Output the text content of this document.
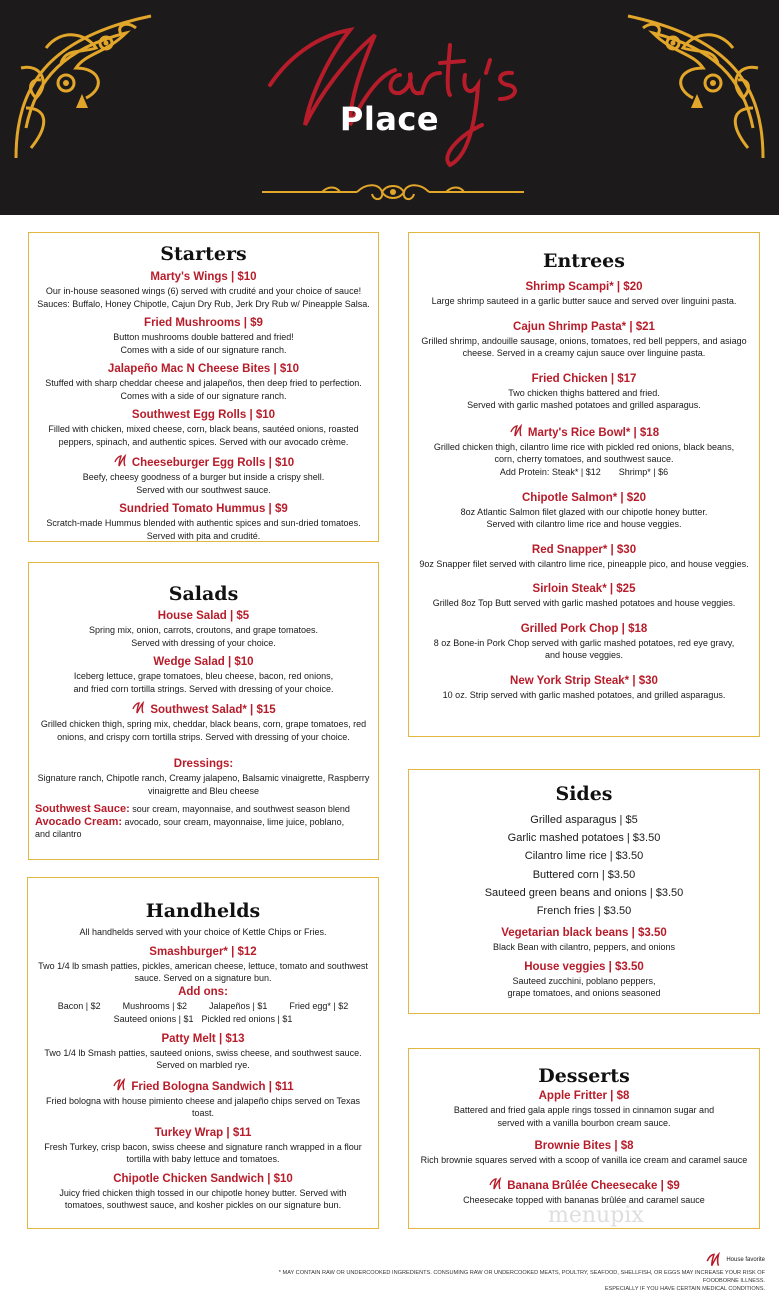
Place
Starters
Marty's Wings | $10
Our in-house seasoned wings (6) served with crudité and your choice of sauce!
Sauces: Buffalo, Honey Chipotle, Cajun Dry Rub, Jerk Dry Rub w/ Pineapple Salsa.
Fried Mushrooms | $9
Button mushrooms double battered and fried!
Comes with a side of our signature ranch.
Jalapeño Mac N Cheese Bites | $10
Stuffed with sharp cheddar cheese and jalapeños, then deep fried to perfection.
Comes with a side of our signature ranch.
Southwest Egg Rolls | $10
Filled with chicken, mixed cheese, corn, black beans, sautéed onions, roasted
peppers, spinach, and authentic spices. Served with our avocado crème.
Cheeseburger Egg Rolls | $10
Beefy, cheesy goodness of a burger but inside a crispy shell.
Served with our southwest sauce.
Sundried Tomato Hummus | $9
Scratch-made Hummus blended with authentic spices and sun-dried tomatoes.
Served with pita and crudité.
Salads
House Salad | $5
Spring mix, onion, carrots, croutons, and grape tomatoes.
Served with dressing of your choice.
Wedge Salad | $10
Iceberg lettuce, grape tomatoes, bleu cheese, bacon, red onions,
and fried corn tortilla strings. Served with dressing of your choice.
Southwest Salad* | $15
Grilled chicken thigh, spring mix, cheddar, black beans, corn, grape tomatoes, red
onions, and crispy corn tortilla strips. Served with dressing of your choice.
Dressings:
Signature ranch, Chipotle ranch, Creamy jalapeno, Balsamic vinaigrette, Raspberry
vinaigrette and Bleu cheese
Southwest Sauce: sour cream, mayonnaise, and southwest season blend
Avocado Cream: avocado, sour cream, mayonnaise, lime juice, poblano,
and cilantro
Handhelds
All handhelds served with your choice of Kettle Chips or Fries.
Smashburger* | $12
Two 1/4 lb smash patties, pickles, american cheese, lettuce, tomato and southwest
sauce. Served on a signature bun.
Add ons:
Bacon | $2 Mushrooms | $2 Jalapeños | $1 Fried egg* | $2
Sauteed onions | $1 Pickled red onions | $1
Patty Melt | $13
Two 1/4 lb Smash patties, sauteed onions, swiss cheese, and southwest sauce.
Served on marbled rye.
Fried Bologna Sandwich | $11
Fried bologna with house pimiento cheese and jalapeño chips served on Texas
toast.
Turkey Wrap | $11
Fresh Turkey, crisp bacon, swiss cheese and signature ranch wrapped in a flour
tortilla with baby lettuce and tomatoes.
Chipotle Chicken Sandwich | $10
Juicy fried chicken thigh tossed in our chipotle honey butter. Served with
tomatoes, southwest sauce, and kosher pickles on our signature bun.
Entrees
Shrimp Scampi* | $20
Large shrimp sauteed in a garlic butter sauce and served over linguini pasta.
Cajun Shrimp Pasta* | $21
Grilled shrimp, andouille sausage, onions, tomatoes, red bell peppers, and asiago
cheese. Served in a creamy cajun sauce over linguine pasta.
Fried Chicken | $17
Two chicken thighs battered and fried.
Served with garlic mashed potatoes and grilled asparagus.
Marty's Rice Bowl* | $18
Grilled chicken thigh, cilantro lime rice with pickled red onions, black beans,
corn, cherry tomatoes, and southwest sauce.
Add Protein: Steak* | $12 Shrimp* | $6
Chipotle Salmon* | $20
8oz Atlantic Salmon filet glazed with our chipotle honey butter.
Served with cilantro lime rice and house veggies.
Red Snapper* | $30
9oz Snapper filet served with cilantro lime rice, pineapple pico, and house veggies.
Sirloin Steak* | $25
Grilled 8oz Top Butt served with garlic mashed potatoes and house veggies.
Grilled Pork Chop | $18
8 oz Bone-in Pork Chop served with garlic mashed potatoes, red eye gravy,
and house veggies.
New York Strip Steak* | $30
10 oz. Strip served with garlic mashed potatoes, and grilled asparagus.
Sides
Grilled asparagus | $5
Garlic mashed potatoes | $3.50
Cilantro lime rice | $3.50
Buttered corn | $3.50
Sauteed green beans and onions | $3.50
French fries | $3.50
Vegetarian black beans | $3.50
Black Bean with cilantro, peppers, and onions
House veggies | $3.50
Sauteed zucchini, poblano peppers,
grape tomatoes, and onions seasoned
Desserts
Apple Fritter | $8
Battered and fried gala apple rings tossed in cinnamon sugar and
served with a vanilla bourbon cream sauce.
Brownie Bites | $8
Rich brownie squares served with a scoop of vanilla ice cream and caramel sauce
Banana Brûlée Cheesecake | $9
Cheesecake topped with bananas brûlée and caramel sauce
menupix
House favorite
* MAY CONTAIN RAW OR UNDERCOOKED INGREDIENTS. CONSUMING RAW OR UNDERCOOKED MEATS, POULTRY, SEAFOOD, SHELLFISH, OR EGGS MAY INCREASE YOUR RISK OF FOODBORNE ILLNESS.
ESPECIALLY IF YOU HAVE CERTAIN MEDICAL CONDITIONS.
